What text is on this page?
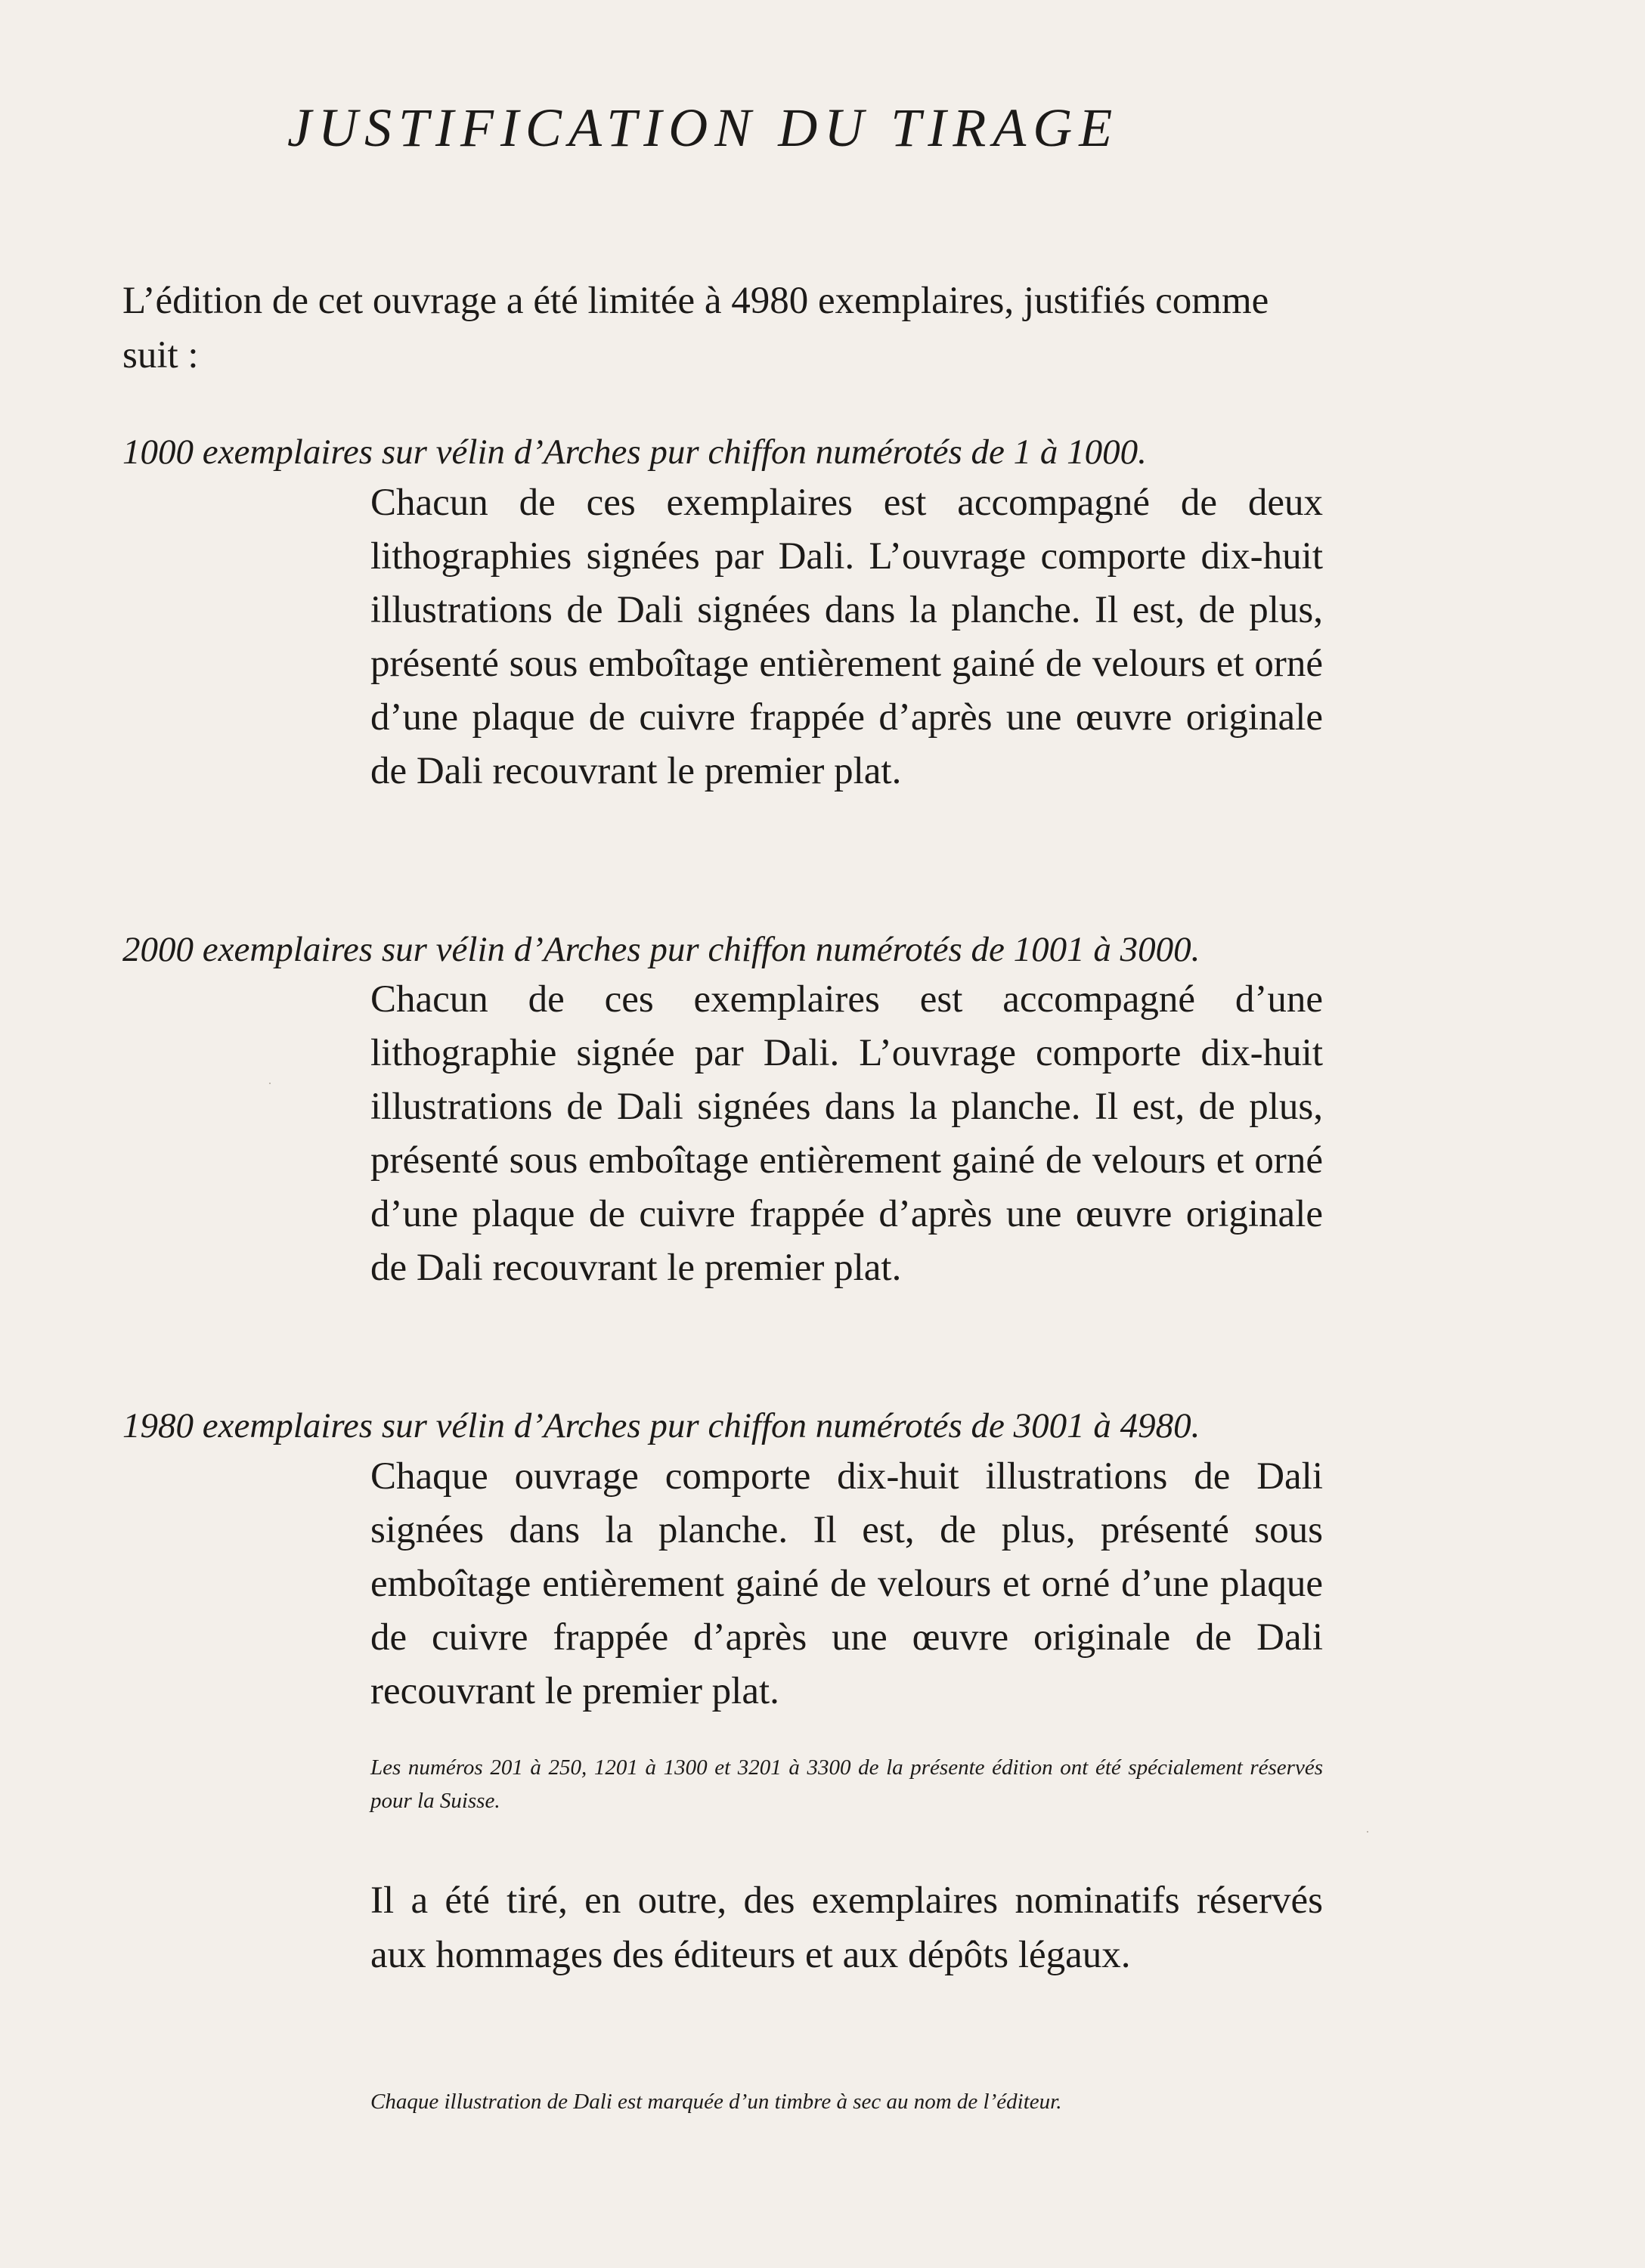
JUSTIFICATION DU TIRAGE

L’édition de cet ouvrage a été limitée à 4980 exemplaires, justifiés comme suit :

1000 exemplaires sur vélin d’Arches pur chiffon numérotés de 1 à 1000.

Chacun de ces exemplaires est accompagné de deux lithographies signées par Dali. L’ouvrage comporte dix-huit illustrations de Dali signées dans la planche. Il est, de plus, présenté sous emboîtage entièrement gainé de velours et orné d’une plaque de cuivre frappée d’après une œuvre originale de Dali recouvrant le premier plat.

2000 exemplaires sur vélin d’Arches pur chiffon numérotés de 1001 à 3000.

Chacun de ces exemplaires est accompagné d’une lithographie signée par Dali. L’ouvrage comporte dix-huit illustrations de Dali signées dans la planche. Il est, de plus, présenté sous emboîtage entièrement gainé de velours et orné d’une plaque de cuivre frappée d’après une œuvre originale de Dali recouvrant le premier plat.

1980 exemplaires sur vélin d’Arches pur chiffon numérotés de 3001 à 4980.

Chaque ouvrage comporte dix-huit illustrations de Dali signées dans la planche. Il est, de plus, présenté sous emboîtage entièrement gainé de velours et orné d’une plaque de cuivre frappée d’après une œuvre originale de Dali recouvrant le premier plat.

Les numéros 201 à 250, 1201 à 1300 et 3201 à 3300 de la présente édition ont été spécialement réservés pour la Suisse.

Il a été tiré, en outre, des exemplaires nominatifs réservés aux hommages des éditeurs et aux dépôts légaux.

Chaque illustration de Dali est marquée d’un timbre à sec au nom de l’éditeur.
